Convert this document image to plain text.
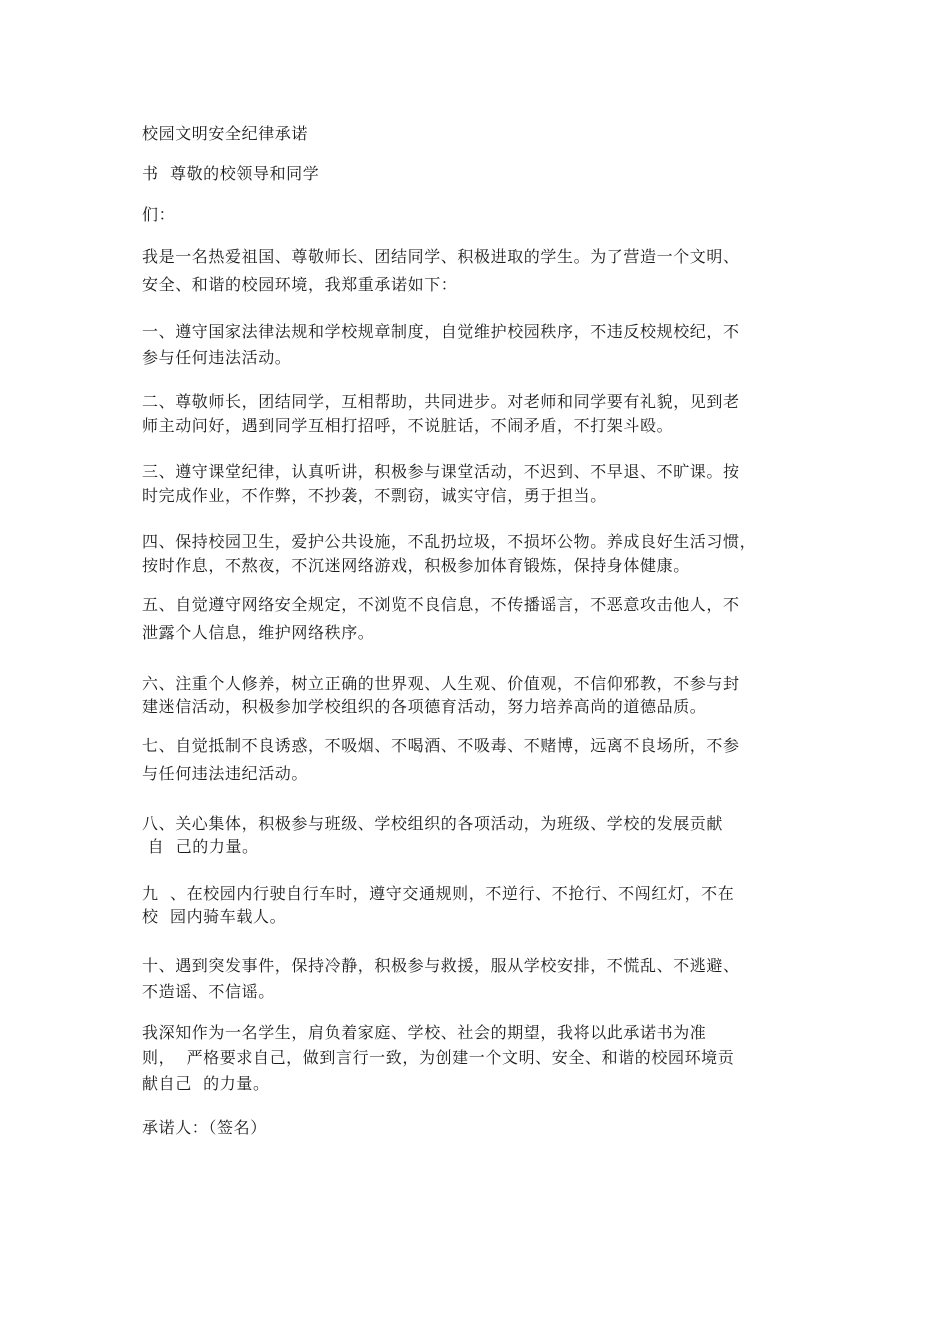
校园文明安全纪律承诺
书  尊敬的校领导和同学
们：
我是一名热爱祖国、尊敬师长、团结同学、积极进取的学生。为了营造一个文明、
安全、和谐的校园环境，我郑重承诺如下：
一、遵守国家法律法规和学校规章制度，自觉维护校园秩序，不违反校规校纪，不
参与任何违法活动。
二、尊敬师长，团结同学，互相帮助，共同进步。对老师和同学要有礼貌，见到老
师主动问好，遇到同学互相打招呼，不说脏话，不闹矛盾，不打架斗殴。
三、遵守课堂纪律，认真听讲，积极参与课堂活动，不迟到、不早退、不旷课。按
时完成作业，不作弊，不抄袭，不剽窃，诚实守信，勇于担当。
四、保持校园卫生，爱护公共设施，不乱扔垃圾，不损坏公物。养成良好生活习惯，
按时作息，不熬夜，不沉迷网络游戏，积极参加体育锻炼，保持身体健康。
五、自觉遵守网络安全规定，不浏览不良信息，不传播谣言，不恶意攻击他人，不
泄露个人信息，维护网络秩序。
六、注重个人修养，树立正确的世界观、人生观、价值观，不信仰邪教，不参与封
建迷信活动，积极参加学校组织的各项德育活动，努力培养高尚的道德品质。
七、自觉抵制不良诱惑，不吸烟、不喝酒、不吸毒、不赌博，远离不良场所，不参
与任何违法违纪活动。
八、关心集体，积极参与班级、学校组织的各项活动，为班级、学校的发展贡献
自  己的力量。
九  、在校园内行驶自行车时，遵守交通规则，不逆行、不抢行、不闯红灯，不在
校  园内骑车载人。
十、遇到突发事件，保持冷静，积极参与救援，服从学校安排，不慌乱、不逃避、
不造谣、不信谣。
我深知作为一名学生，肩负着家庭、学校、社会的期望，我将以此承诺书为准
则，  严格要求自己，做到言行一致，为创建一个文明、安全、和谐的校园环境贡
献自己  的力量。
承诺人：（签名）
